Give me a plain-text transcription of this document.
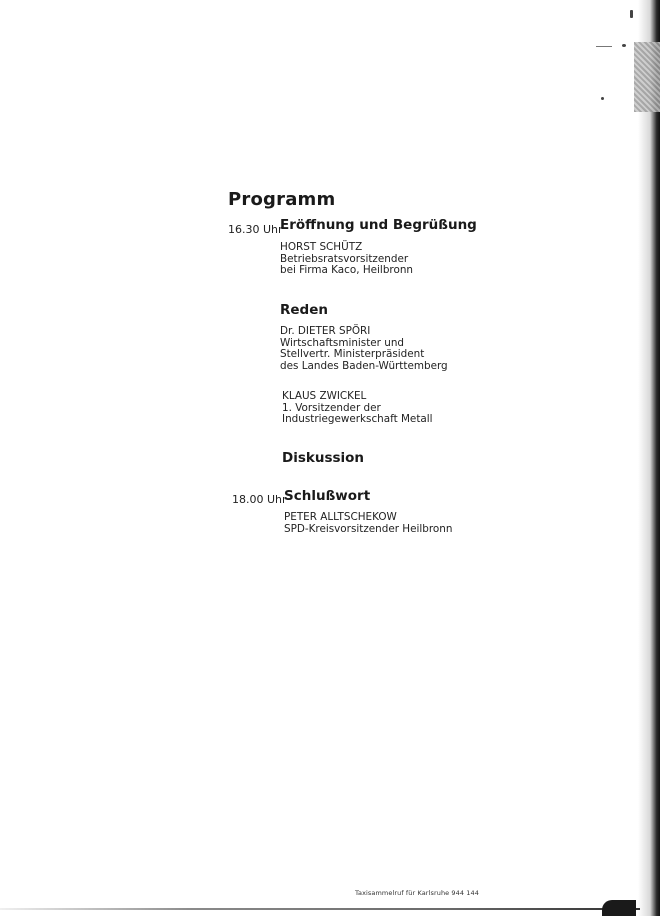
Programm
16.30 Uhr
Eröffnung und Begrüßung
HORST SCHÜTZ
Betriebsratsvorsitzender
bei Firma Kaco, Heilbronn
Reden
Dr. DIETER SPÖRI
Wirtschaftsminister und
Stellvertr. Ministerpräsident
des Landes Baden-Württemberg
KLAUS ZWICKEL
1. Vorsitzender der
Industriegewerkschaft Metall
Diskussion
18.00 Uhr
Schlußwort
PETER ALLTSCHEKOW
SPD-Kreisvorsitzender Heilbronn
Taxisammelruf für Karlsruhe 944 144
